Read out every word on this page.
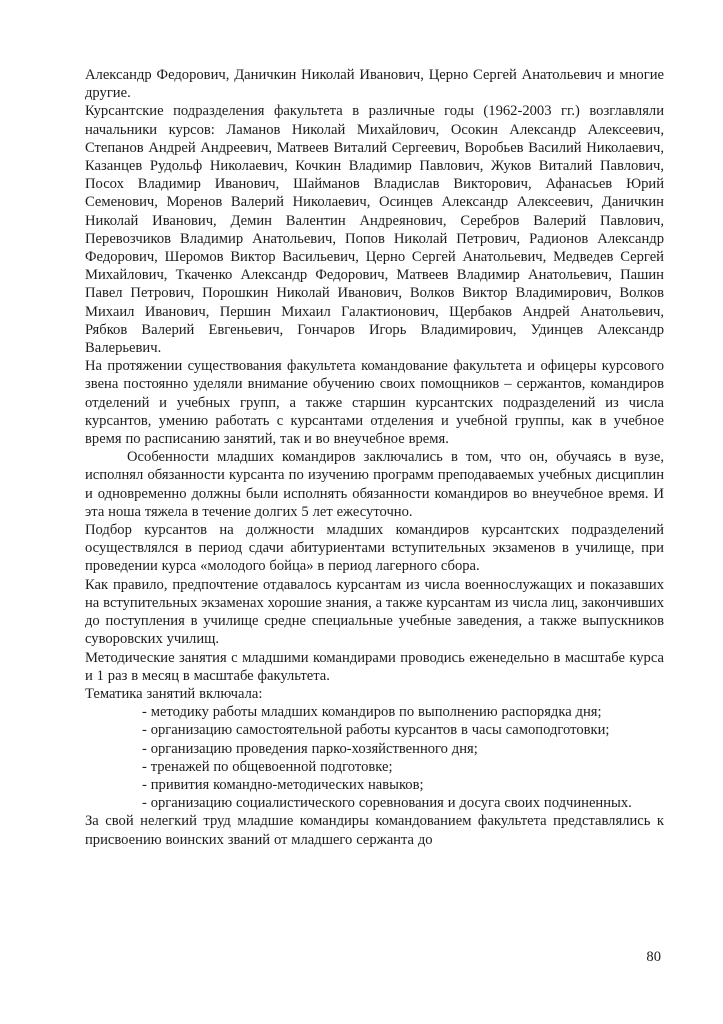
Александр Федорович, Даничкин Николай Иванович, Церно Сергей Анатольевич и многие другие.
Курсантские подразделения факультета в различные годы (1962-2003 гг.) возглавляли начальники курсов: Ламанов Николай Михайлович, Осокин Александр Алексеевич, Степанов Андрей Андреевич, Матвеев Виталий Сергеевич, Воробьев Василий Николаевич, Казанцев Рудольф Николаевич, Кочкин Владимир Павлович, Жуков Виталий Павлович, Посох Владимир Иванович, Шайманов Владислав Викторович, Афанасьев Юрий Семенович, Моренов Валерий Николаевич, Осинцев Александр Алексеевич, Даничкин Николай Иванович, Демин Валентин Андреянович, Серебров Валерий Павлович, Перевозчиков Владимир Анатольевич, Попов Николай Петрович, Радионов Александр Федорович, Шеромов Виктор Васильевич, Церно Сергей Анатольевич, Медведев Сергей Михайлович, Ткаченко Александр Федорович, Матвеев Владимир Анатольевич, Пашин Павел Петрович, Порошкин Николай Иванович, Волков Виктор Владимирович, Волков Михаил Иванович, Першин Михаил Галактионович, Щербаков Андрей Анатольевич, Рябков Валерий Евгеньевич, Гончаров Игорь Владимирович, Удинцев Александр Валерьевич.
На протяжении существования факультета командование факультета и офицеры курсового звена постоянно уделяли внимание обучению своих помощников – сержантов, командиров отделений и учебных групп, а также старшин курсантских подразделений из числа курсантов, умению работать с курсантами отделения и учебной группы, как в учебное время по расписанию занятий, так и во внеучебное время.
Особенности младших командиров заключались в том, что он, обучаясь в вузе, исполнял обязанности курсанта по изучению программ преподаваемых учебных дисциплин и одновременно должны были исполнять обязанности командиров во внеучебное время. И эта ноша тяжела в течение долгих 5 лет ежесуточно.
Подбор курсантов на должности младших командиров курсантских подразделений осуществлялся в период сдачи абитуриентами вступительных экзаменов в училище, при проведении курса «молодого бойца» в период лагерного сбора.
Как правило, предпочтение отдавалось курсантам из числа военнослужащих и показавших на вступительных экзаменах хорошие знания, а также курсантам из числа лиц, закончивших до поступления в училище средне специальные учебные заведения, а также выпускников суворовских училищ.
Методические занятия с младшими командирами проводись еженедельно в масштабе курса и 1 раз в месяц в масштабе факультета.
Тематика занятий включала:
- методику работы младших командиров по выполнению распорядка дня;
- организацию самостоятельной работы курсантов в часы самоподготовки;
- организацию проведения парко-хозяйственного дня;
- тренажей по общевоенной подготовке;
- привития командно-методических навыков;
- организацию социалистического соревнования и досуга своих подчиненных.
За свой нелегкий труд младшие командиры командованием факультета представлялись к присвоению воинских званий от младшего сержанта до
80
